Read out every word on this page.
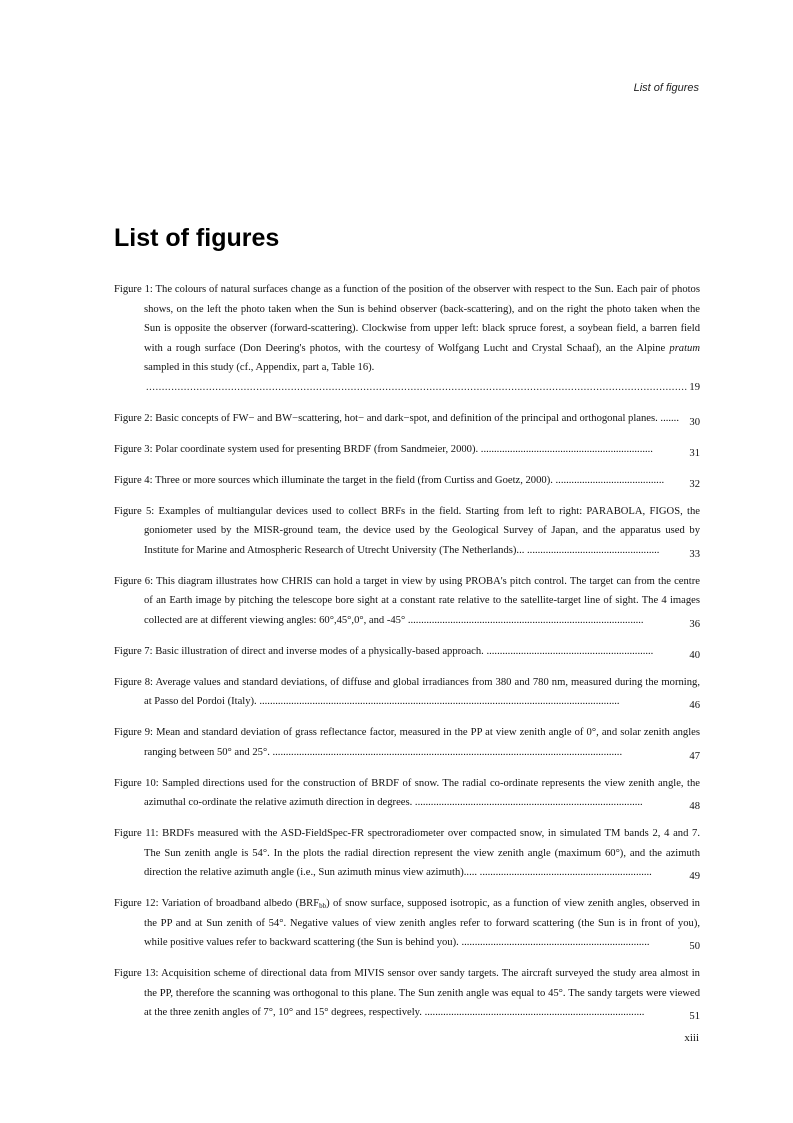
List of figures
List of figures

Figure 1: The colours of natural surfaces change as a function of the position of the observer with respect to the Sun. Each pair of photos shows, on the left the photo taken when the Sun is behind observer (back-scattering), and on the right the photo taken when the Sun is opposite the observer (forward-scattering). Clockwise from upper left: black spruce forest, a soybean field, a barren field with a rough surface (Don Deering's photos, with the courtesy of Wolfgang Lucht and Crystal Schaaf), an the Alpine pratum sampled in this study (cf., Appendix, part a, Table 16).
.....
19

Figure 2: Basic concepts of FW− and BW−scattering, hot− and dark−spot, and definition of the principal and orthogonal planes. ....... 30

Figure 3: Polar coordinate system used for presenting BRDF (from Sandmeier, 2000). .................................................................	31

Figure 4: Three or more sources which illuminate the target in the field (from Curtiss and Goetz, 2000). ......................................... 32

Figure 5: Examples of multiangular devices used to collect BRFs in the field. Starting from left to right: PARABOLA, FIGOS, the goniometer used by the MISR-ground team, the device used by the Geological Survey of Japan, and the apparatus used by Institute for Marine and Atmospheric Research of Utrecht University (The Netherlands)... ..................................................	33

Figure 6: This diagram illustrates how CHRIS can hold a target in view by using PROBA's pitch control. The target can from the centre of an Earth image by pitching the telescope bore sight at a constant rate relative to the satellite-target line of sight. The 4 images collected are at different viewing angles: 60°,45°,0°, and -45° .........................................................................................	36

Figure 7: Basic illustration of direct and inverse modes of a physically-based approach. ...............................................................	40

Figure 8: Average values and standard deviations, of diffuse and global irradiances from 380 and 780 nm, measured during the morning, at Passo del Pordoi (Italy). ........................................................................................................................................	46

Figure 9: Mean and standard deviation of grass reflectance factor, measured in the PP at view zenith angle of 0°, and solar zenith angles ranging between 50° and 25°. ....................................................................................................................................	47

Figure 10: Sampled directions used for the construction of BRDF of snow. The radial co-ordinate represents the view zenith angle, the azimuthal co-ordinate the relative azimuth direction in degrees. ......................................................................................	48

Figure 11: BRDFs measured with the ASD-FieldSpec-FR spectroradiometer over compacted snow, in simulated TM bands 2, 4 and 7. The Sun zenith angle is 54°. In the plots the radial direction represent the view zenith angle (maximum 60°), and the azimuth direction the relative azimuth angle (i.e., Sun azimuth minus view azimuth)..... .................................................................	49

Figure 12: Variation of broadband albedo $(BRF_{bb})$ of snow surface, supposed isotropic, as a function of view zenith angles, observed in the PP and at Sun zenith of 54°. Negative values of view zenith angles refer to forward scattering (the Sun is in front of you), while positive values refer to backward scattering (the Sun is behind you). .......................................................................	50

Figure 13: Acquisition scheme of directional data from MIVIS sensor over sandy targets. The aircraft surveyed the study area almost in the PP, therefore the scanning was orthogonal to this plane. The Sun zenith angle was equal to 45°. The sandy targets were viewed at the three zenith angles of 7°, 10° and 15° degrees, respectively. ...................................................................................	51

xiii
